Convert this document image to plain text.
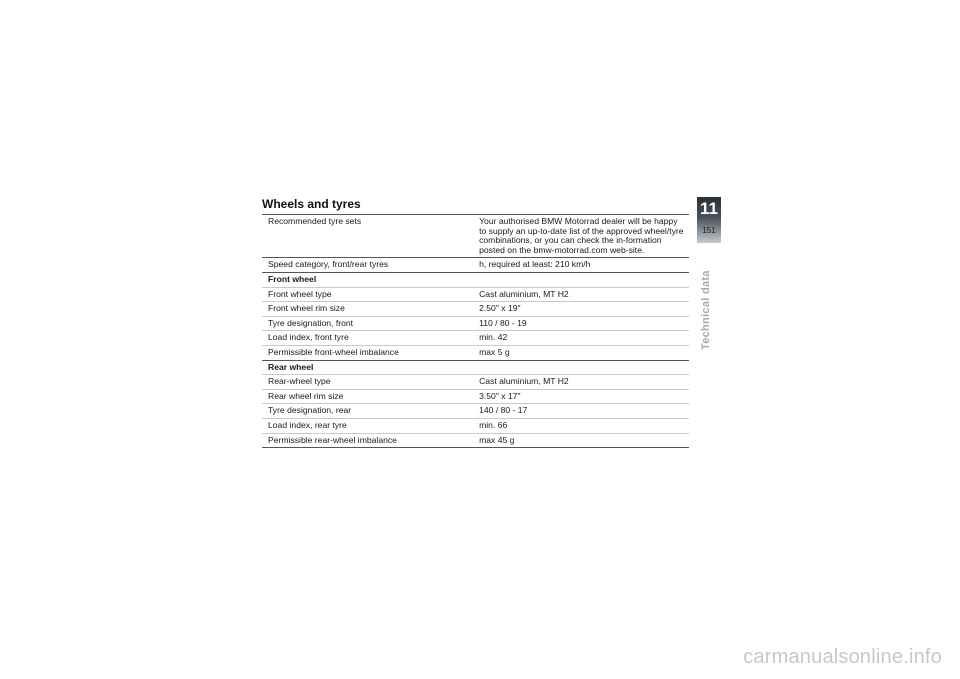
Wheels and tyres
Recommended tyre sets	Your authorised BMW Motorrad dealer will be happy to supply an up-to-date list of the approved wheel/tyre combinations, or you can check the in-formation posted on the bmw-motorrad.com web-site.
Speed category, front/rear tyres	h, required at least: 210 km/h
Front wheel	
Front wheel type	Cast aluminium, MT H2
Front wheel rim size	2.50" x 19"
Tyre designation, front	110 / 80 - 19
Load index, front tyre	min. 42
Permissible front-wheel imbalance	max 5 g
Rear wheel	
Rear-wheel type	Cast aluminium, MT H2
Rear wheel rim size	3.50" x 17"
Tyre designation, rear	140 / 80 - 17
Load index, rear tyre	min. 66
Permissible rear-wheel imbalance	max 45 g
11
151
Technical data
carmanualsonline.info
